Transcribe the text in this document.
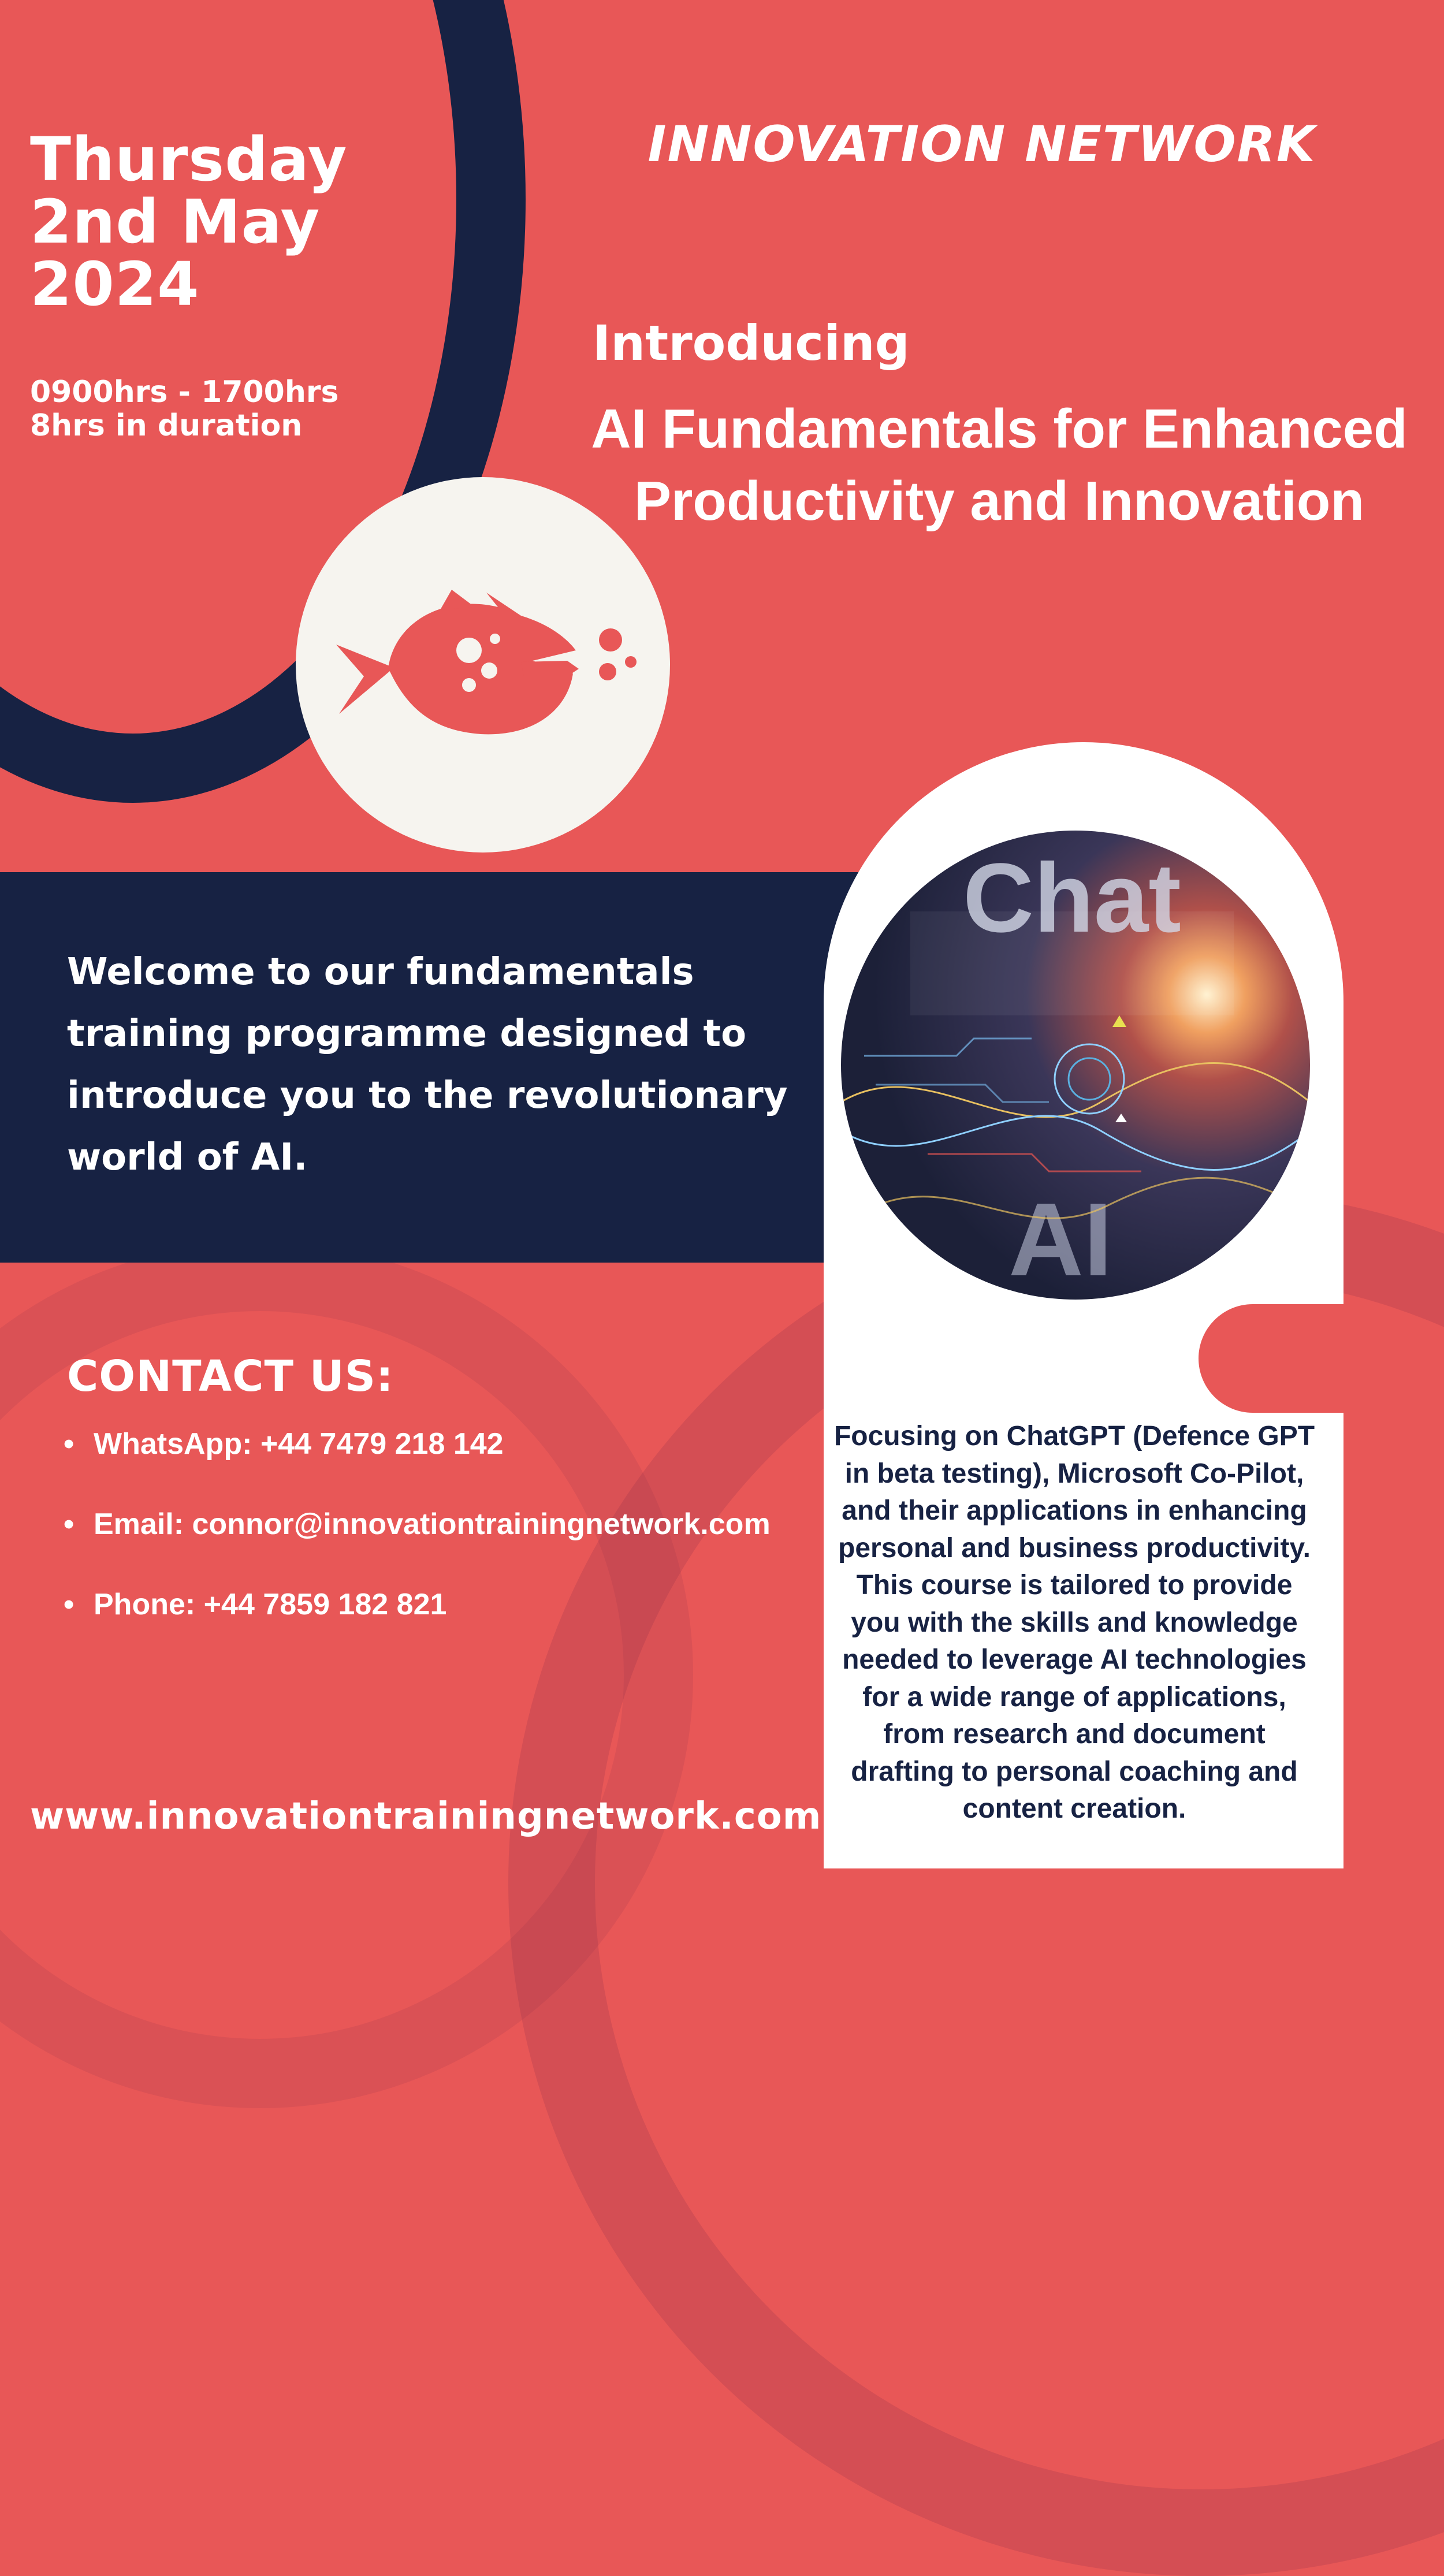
Thursday
2nd May
2024
0900hrs - 1700hrs
8hrs in duration
INNOVATION NETWORK
Introducing
AI Fundamentals for Enhanced
Productivity and Innovation
Welcome to our fundamentals
training programme designed to
introduce you to the revolutionary
world of AI.
Chat
AI
Focusing on ChatGPT (Defence GPT
in beta testing), Microsoft Co-Pilot,
and their applications in enhancing
personal and business productivity.
This course is tailored to provide
you with the skills and knowledge
needed to leverage AI technologies
for a wide range of applications,
from research and document
drafting to personal coaching and
content creation.
CONTACT US:
• WhatsApp: +44 7479 218 142
• Email: connor@innovationtrainingnetwork.com
• Phone: +44 7859 182 821
www.innovationtrainingnetwork.com
